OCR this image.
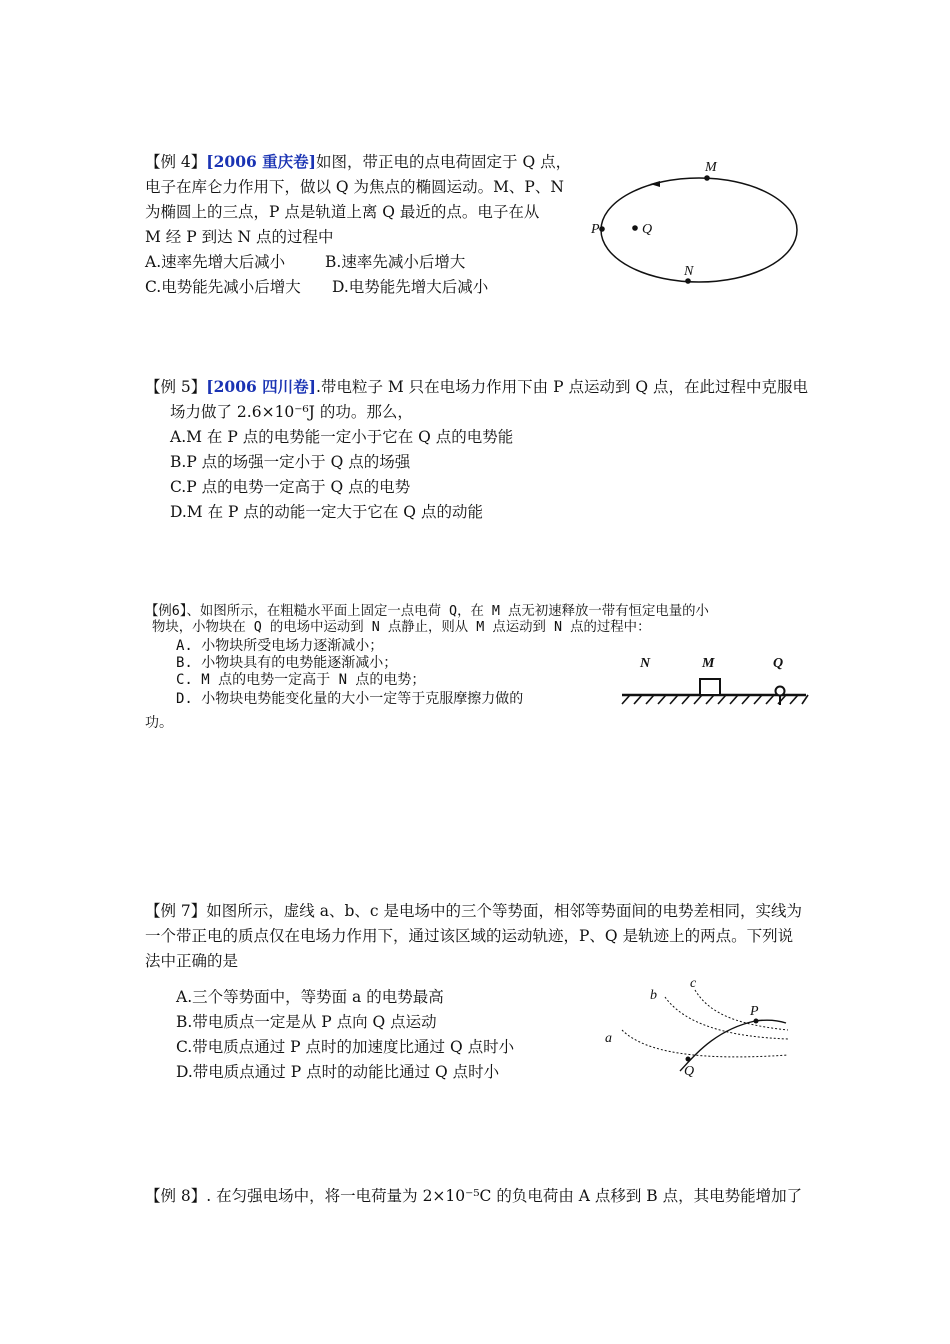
【例 4】[2006 重庆卷]如图，带正电的点电荷固定于 Q 点，
电子在库仑力作用下，做以 Q 为焦点的椭圆运动。M、P、N
为椭圆上的三点，P 点是轨道上离 Q 最近的点。电子在从
M 经 P 到达 N 点的过程中
A.速率先增大后减小	B.速率先减小后增大
C.电势能先减小后增大 D.电势能先增大后减小
M
P	Q
N
【例 5】[2006 四川卷].带电粒子 M 只在电场力作用下由 P 点运动到 Q 点，在此过程中克服电
场力做了 2.6×10⁻⁶J 的功。那么，
A.M 在 P 点的电势能一定小于它在 Q 点的电势能
B.P 点的场强一定小于 Q 点的场强
C.P 点的电势一定高于 Q 点的电势
D.M 在 P 点的动能一定大于它在 Q 点的动能
【例6】、如图所示，在粗糙水平面上固定一点电荷 Q，在 M 点无初速释放一带有恒定电量的小
物块，小物块在 Q 的电场中运动到 N 点静止，则从 M 点运动到 N 点的过程中：
A. 小物块所受电场力逐渐减小；
B. 小物块具有的电势能逐渐减小；
C. M 点的电势一定高于 N 点的电势；
D. 小物块电势能变化量的大小一定等于克服摩擦力做的
功。
N	M	Q
【例 7】如图所示，虚线 a、b、c 是电场中的三个等势面，相邻等势面间的电势差相同，实线为
一个带正电的质点仅在电场力作用下，通过该区域的运动轨迹，P、Q 是轨迹上的两点。下列说
法中正确的是
A.三个等势面中，等势面 a 的电势最高
B.带电质点一定是从 P 点向 Q 点运动
C.带电质点通过 P 点时的加速度比通过 Q 点时小
D.带电质点通过 P 点时的动能比通过 Q 点时小
c
b
P
a
Q
【例 8】. 在匀强电场中，将一电荷量为 2×10⁻⁵C 的负电荷由 A 点移到 B 点，其电势能增加了
